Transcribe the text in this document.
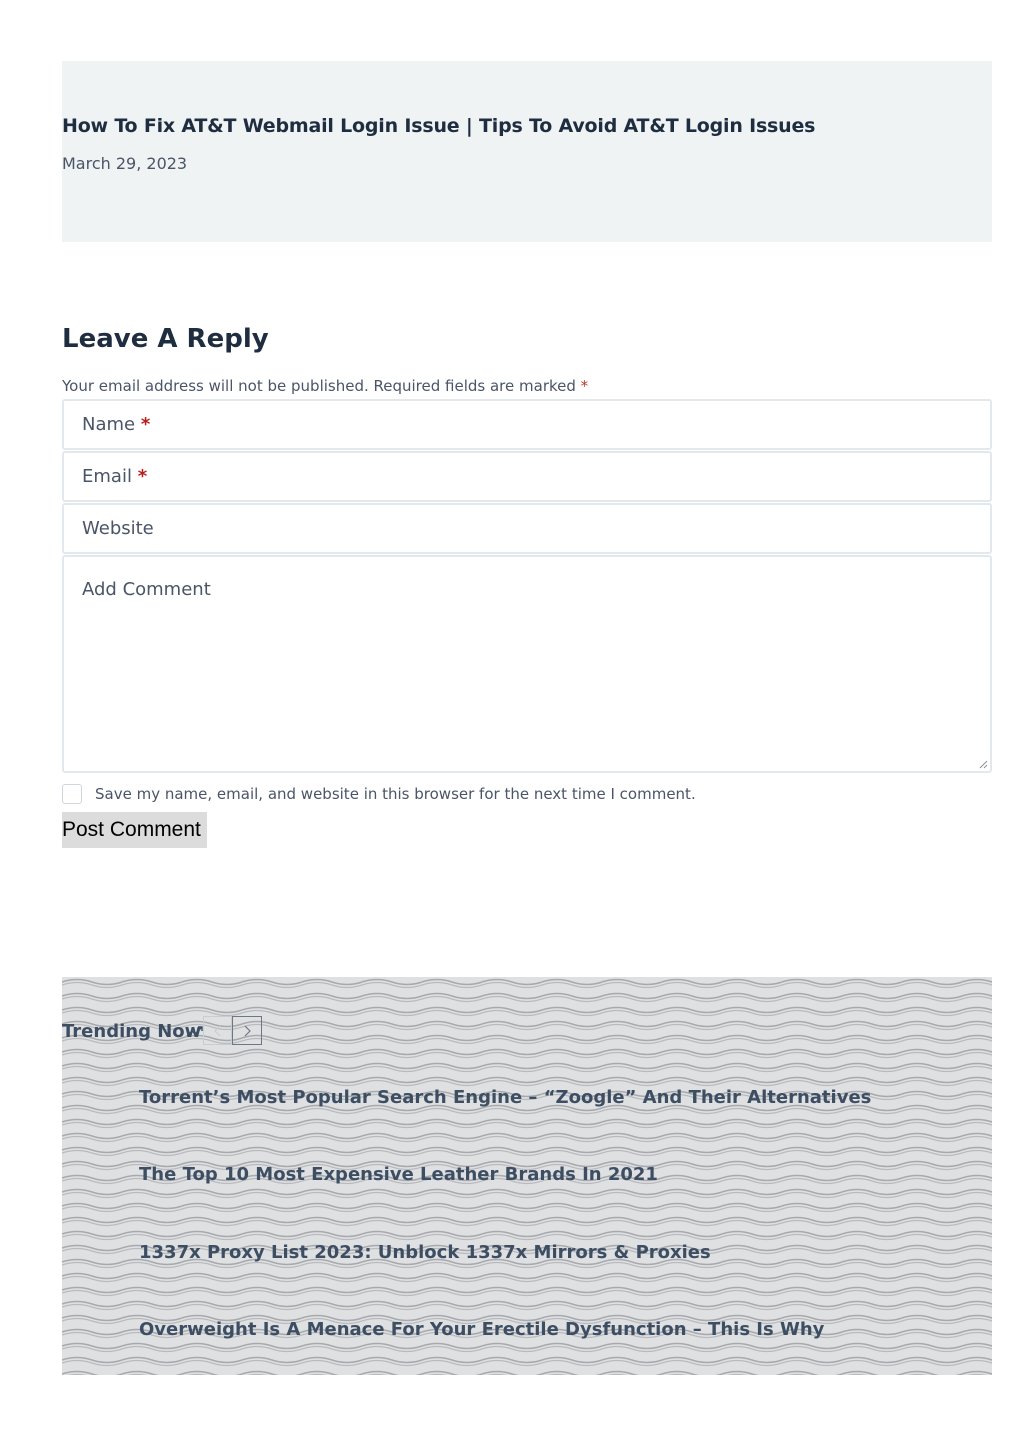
How To Fix AT&T Webmail Login Issue | Tips To Avoid AT&T Login Issues
March 29, 2023
Leave A Reply

Your email address will not be published. Required fields are marked *

Name *
Email *
Website
Add Comment
Save my name, email, and website in this browser for the next time I comment.
Post Comment
Trending Now
Torrent’s Most Popular Search Engine – “Zoogle” And Their Alternatives
The Top 10 Most Expensive Leather Brands In 2021
1337x Proxy List 2023: Unblock 1337x Mirrors & Proxies
Overweight Is A Menace For Your Erectile Dysfunction – This Is Why
